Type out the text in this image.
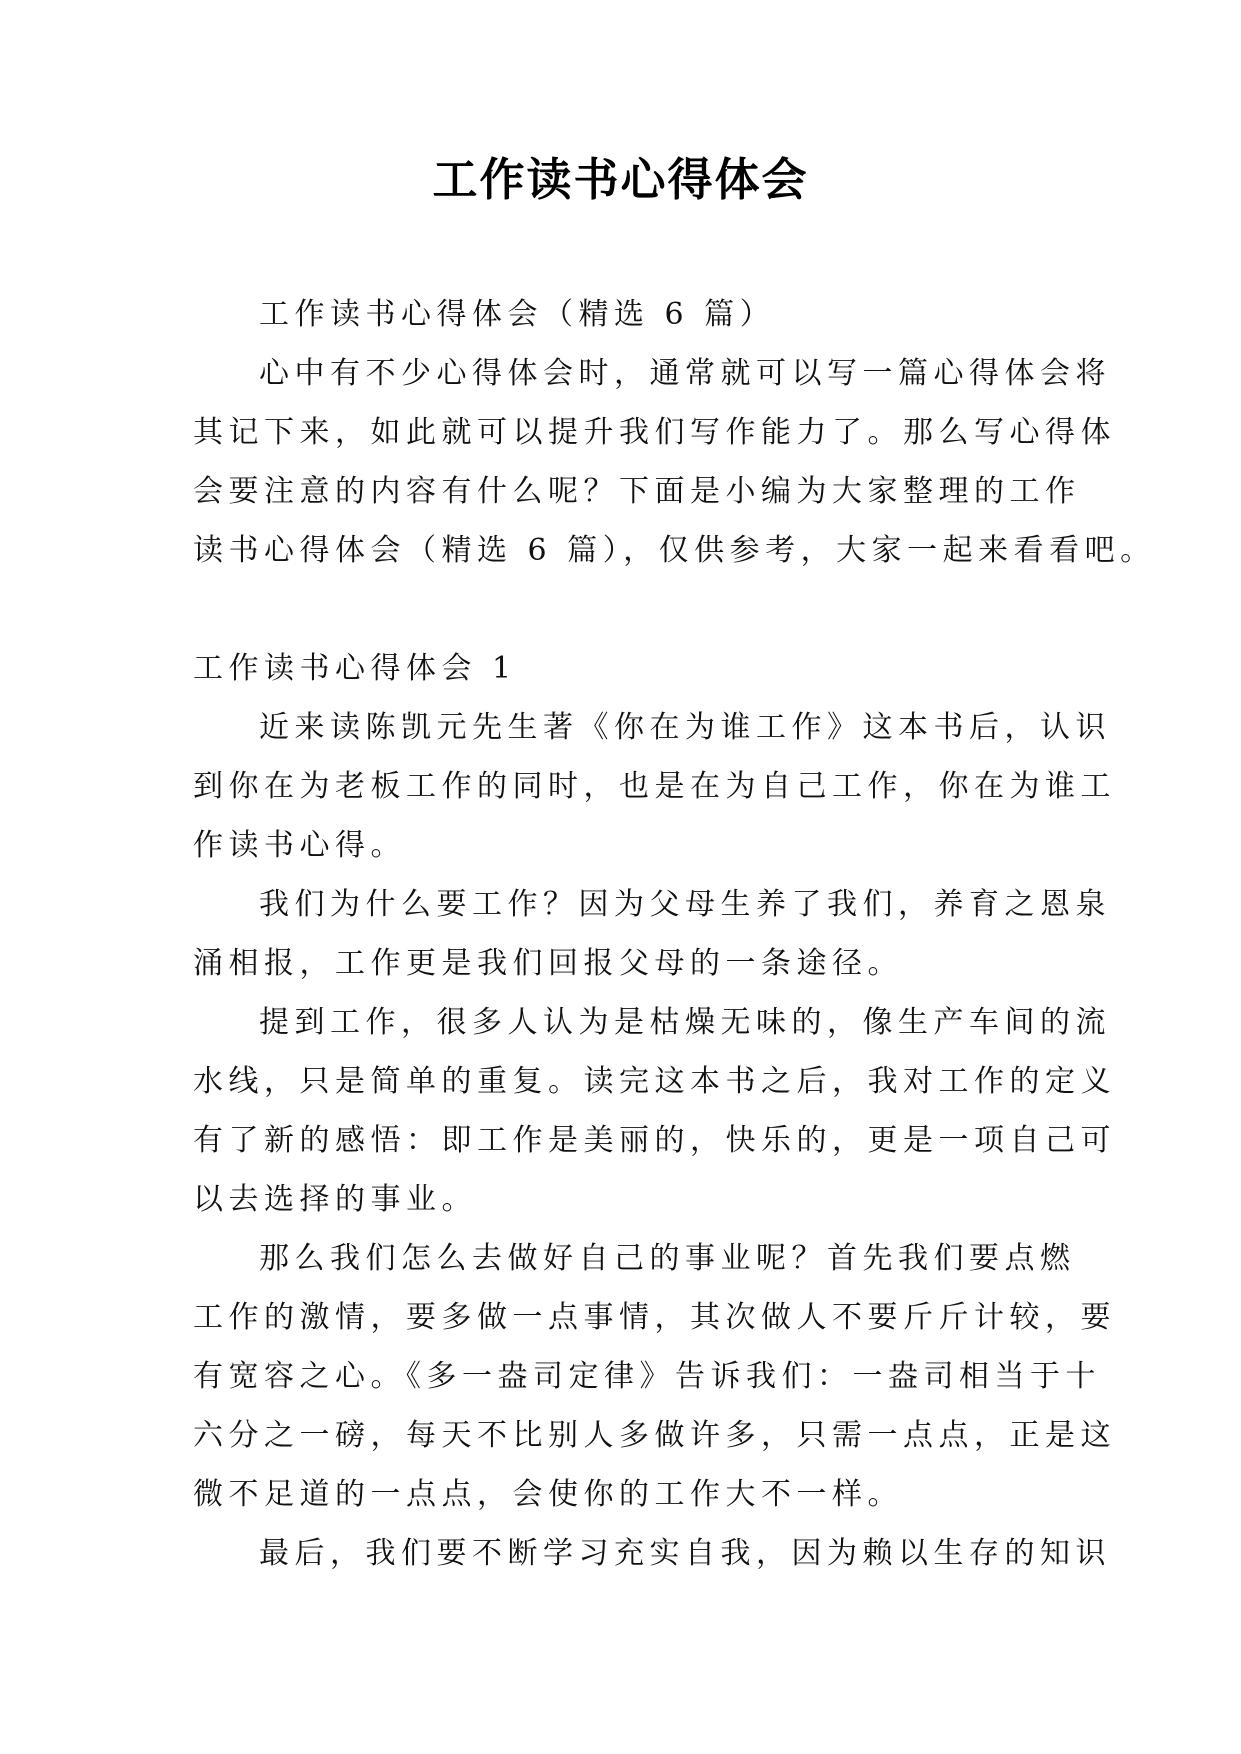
工作读书心得体会
工作读书心得体会（精选 6 篇）
心中有不少心得体会时，通常就可以写一篇心得体会将
其记下来，如此就可以提升我们写作能力了。那么写心得体
会要注意的内容有什么呢？下面是小编为大家整理的工作
读书心得体会（精选 6 篇），仅供参考，大家一起来看看吧。
工作读书心得体会 1
近来读陈凯元先生著《你在为谁工作》这本书后，认识
到你在为老板工作的同时，也是在为自己工作，你在为谁工
作读书心得。
我们为什么要工作？因为父母生养了我们，养育之恩泉
涌相报，工作更是我们回报父母的一条途径。
提到工作，很多人认为是枯燥无味的，像生产车间的流
水线，只是简单的重复。读完这本书之后，我对工作的定义
有了新的感悟：即工作是美丽的，快乐的，更是一项自己可
以去选择的事业。
那么我们怎么去做好自己的事业呢？首先我们要点燃
工作的激情，要多做一点事情，其次做人不要斤斤计较，要
有宽容之心。《多一盎司定律》告诉我们：一盎司相当于十
六分之一磅，每天不比别人多做许多，只需一点点，正是这
微不足道的一点点，会使你的工作大不一样。
最后，我们要不断学习充实自我，因为赖以生存的知识
